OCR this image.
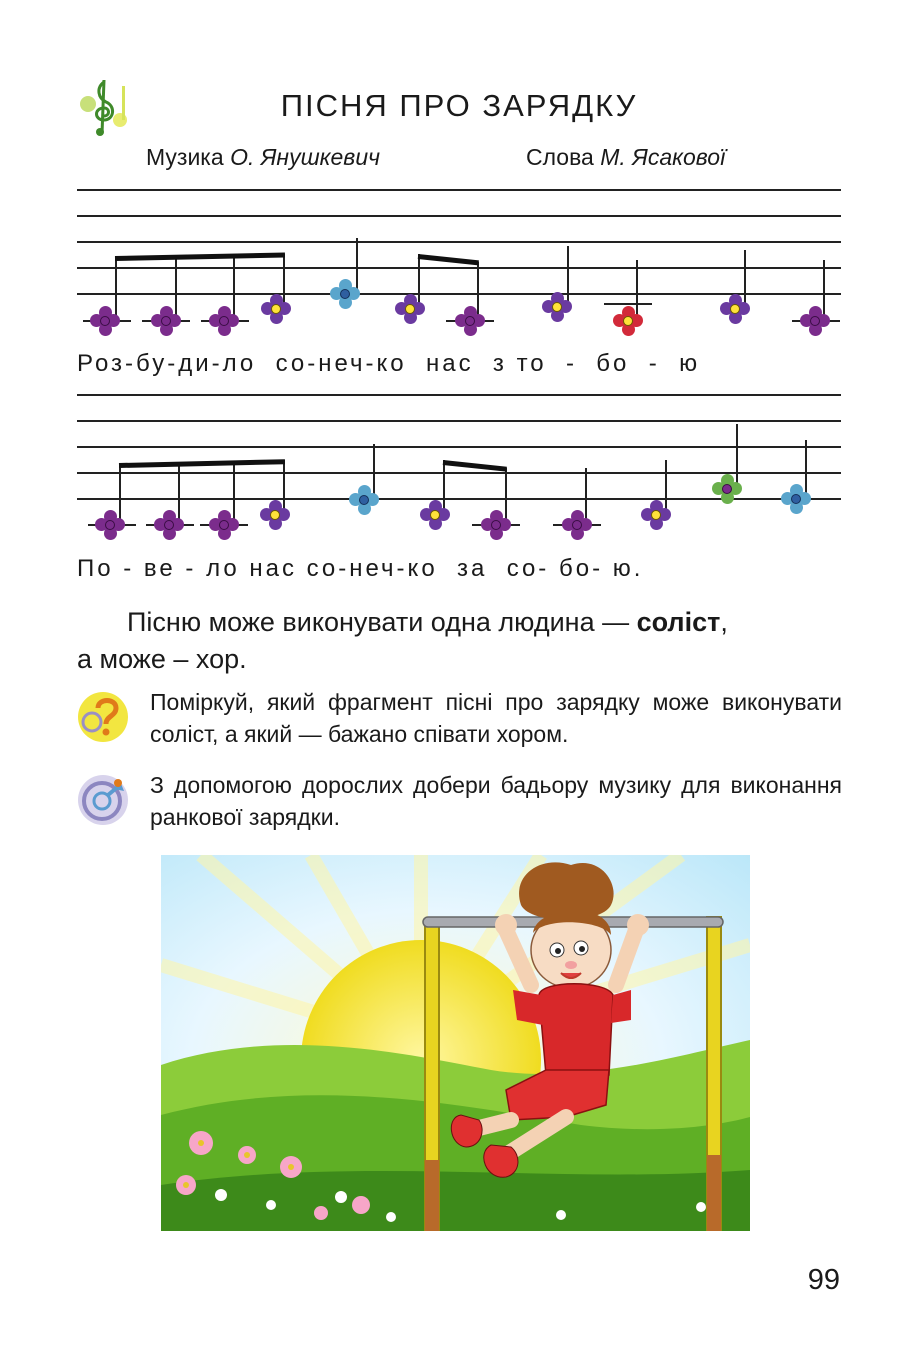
ПІСНЯ ПРО ЗАРЯДКУ
Музика О. Янушкевич	Слова М. Ясакової
Роз-бу-ди-ло  со-неч-ко  нас  з то  -  бо  -  ю
По - ве - ло нас со-неч-ко  за  со- бо- ю.
Пісню може виконувати одна людина — соліст,
а може – хор.
Поміркуй, який фрагмент пісні про зарядку може виконувати соліст, а який — бажано співати хором.
З допомогою дорослих добери бадьору музику для виконання ранкової зарядки.
99
